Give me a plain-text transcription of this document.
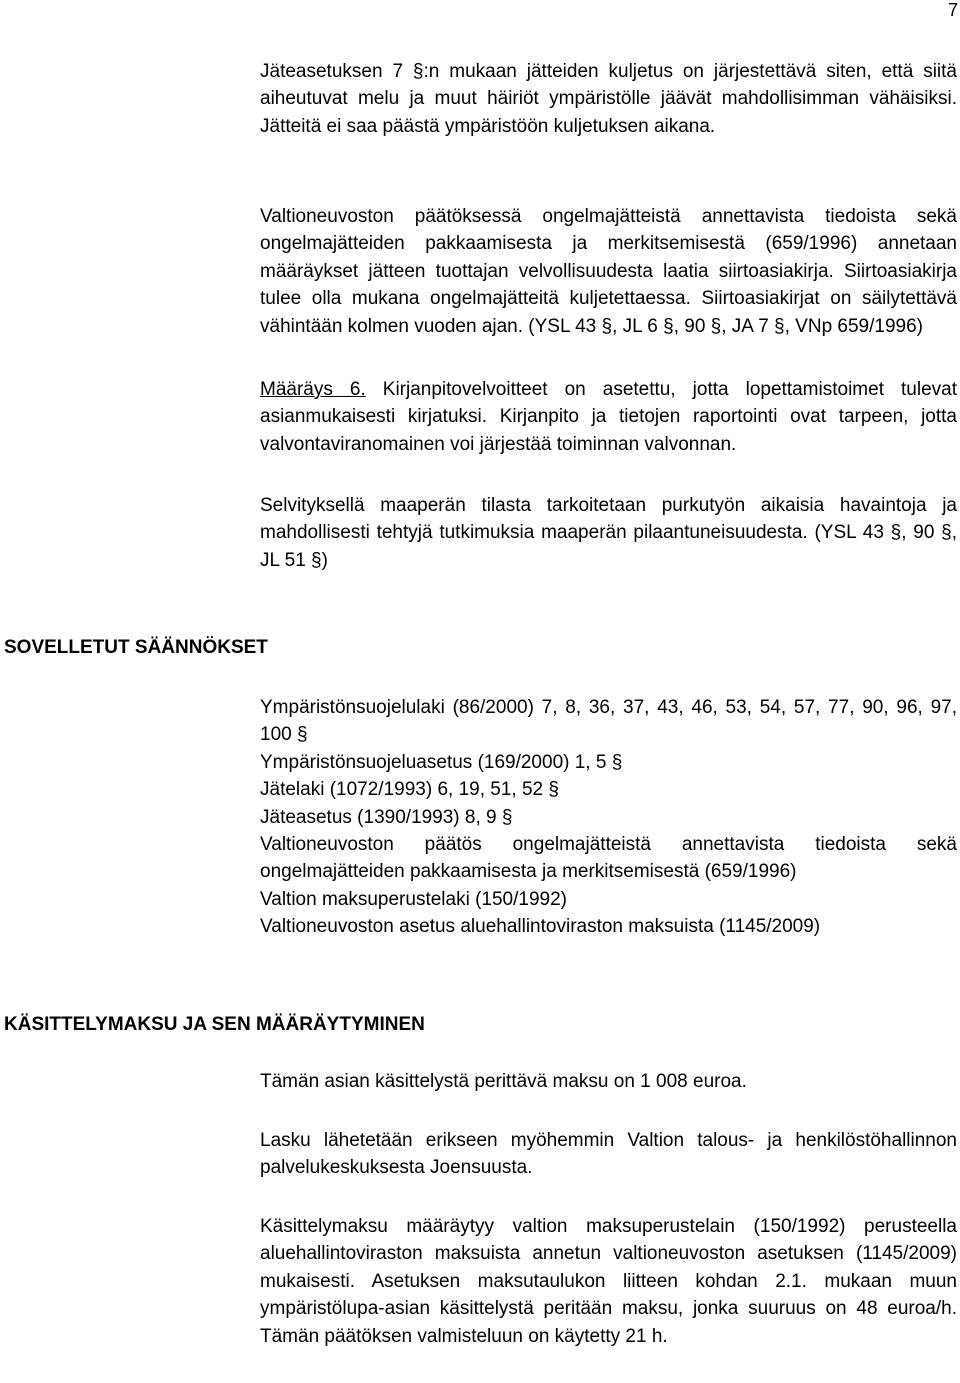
7

Jäteasetuksen 7 §:n mukaan jätteiden kuljetus on järjestettävä siten, että siitä aiheutuvat melu ja muut häiriöt ympäristölle jäävät mahdollisimman vähäisiksi. Jätteitä ei saa päästä ympäristöön kuljetuksen aikana.

Valtioneuvoston päätöksessä ongelmajätteistä annettavista tiedoista sekä ongelmajätteiden pakkaamisesta ja merkitsemisestä (659/1996) annetaan määräykset jätteen tuottajan velvollisuudesta laatia siirtoasiakirja. Siirtoasiakirja tulee olla mukana ongelmajätteitä kuljetettaessa. Siirtoasiakirjat on säilytettävä vähintään kolmen vuoden ajan. (YSL 43 §, JL 6 §, 90 §, JA 7 §, VNp 659/1996)

Määräys 6. Kirjanpitovelvoitteet on asetettu, jotta lopettamistoimet tulevat asianmukaisesti kirjatuksi. Kirjanpito ja tietojen raportointi ovat tarpeen, jotta valvontaviranomainen voi järjestää toiminnan valvonnan.

Selvityksellä maaperän tilasta tarkoitetaan purkutyön aikaisia havaintoja ja mahdollisesti tehtyjä tutkimuksia maaperän pilaantuneisuudesta. (YSL 43 §, 90 §, JL 51 §)

SOVELLETUT SÄÄNNÖKSET
Ympäristönsuojelulaki (86/2000) 7, 8, 36, 37, 43, 46, 53, 54, 57, 77, 90, 96, 97, 100 §
Ympäristönsuojeluasetus (169/2000) 1, 5 §
Jätelaki (1072/1993) 6, 19, 51, 52 §
Jäteasetus (1390/1993) 8, 9 §
Valtioneuvoston päätös ongelmajätteistä annettavista tiedoista sekä ongelmajätteiden pakkaamisesta ja merkitsemisestä (659/1996)
Valtion maksuperustelaki (150/1992)
Valtioneuvoston asetus aluehallintoviraston maksuista (1145/2009)
KÄSITTELYMAKSU JA SEN MÄÄRÄYTYMINEN

Tämän asian käsittelystä perittävä maksu on 1 008 euroa.

Lasku lähetetään erikseen myöhemmin Valtion talous- ja henkilöstöhallinnon palvelukeskuksesta Joensuusta.

Käsittelymaksu määräytyy valtion maksuperustelain (150/1992) perusteella aluehallintoviraston maksuista annetun valtioneuvoston asetuksen (1145/2009) mukaisesti. Asetuksen maksutaulukon liitteen kohdan 2.1. mukaan muun ympäristölupa-asian käsittelystä peritään maksu, jonka suuruus on 48 euroa/h. Tämän päätöksen valmisteluun on käytetty 21 h.
